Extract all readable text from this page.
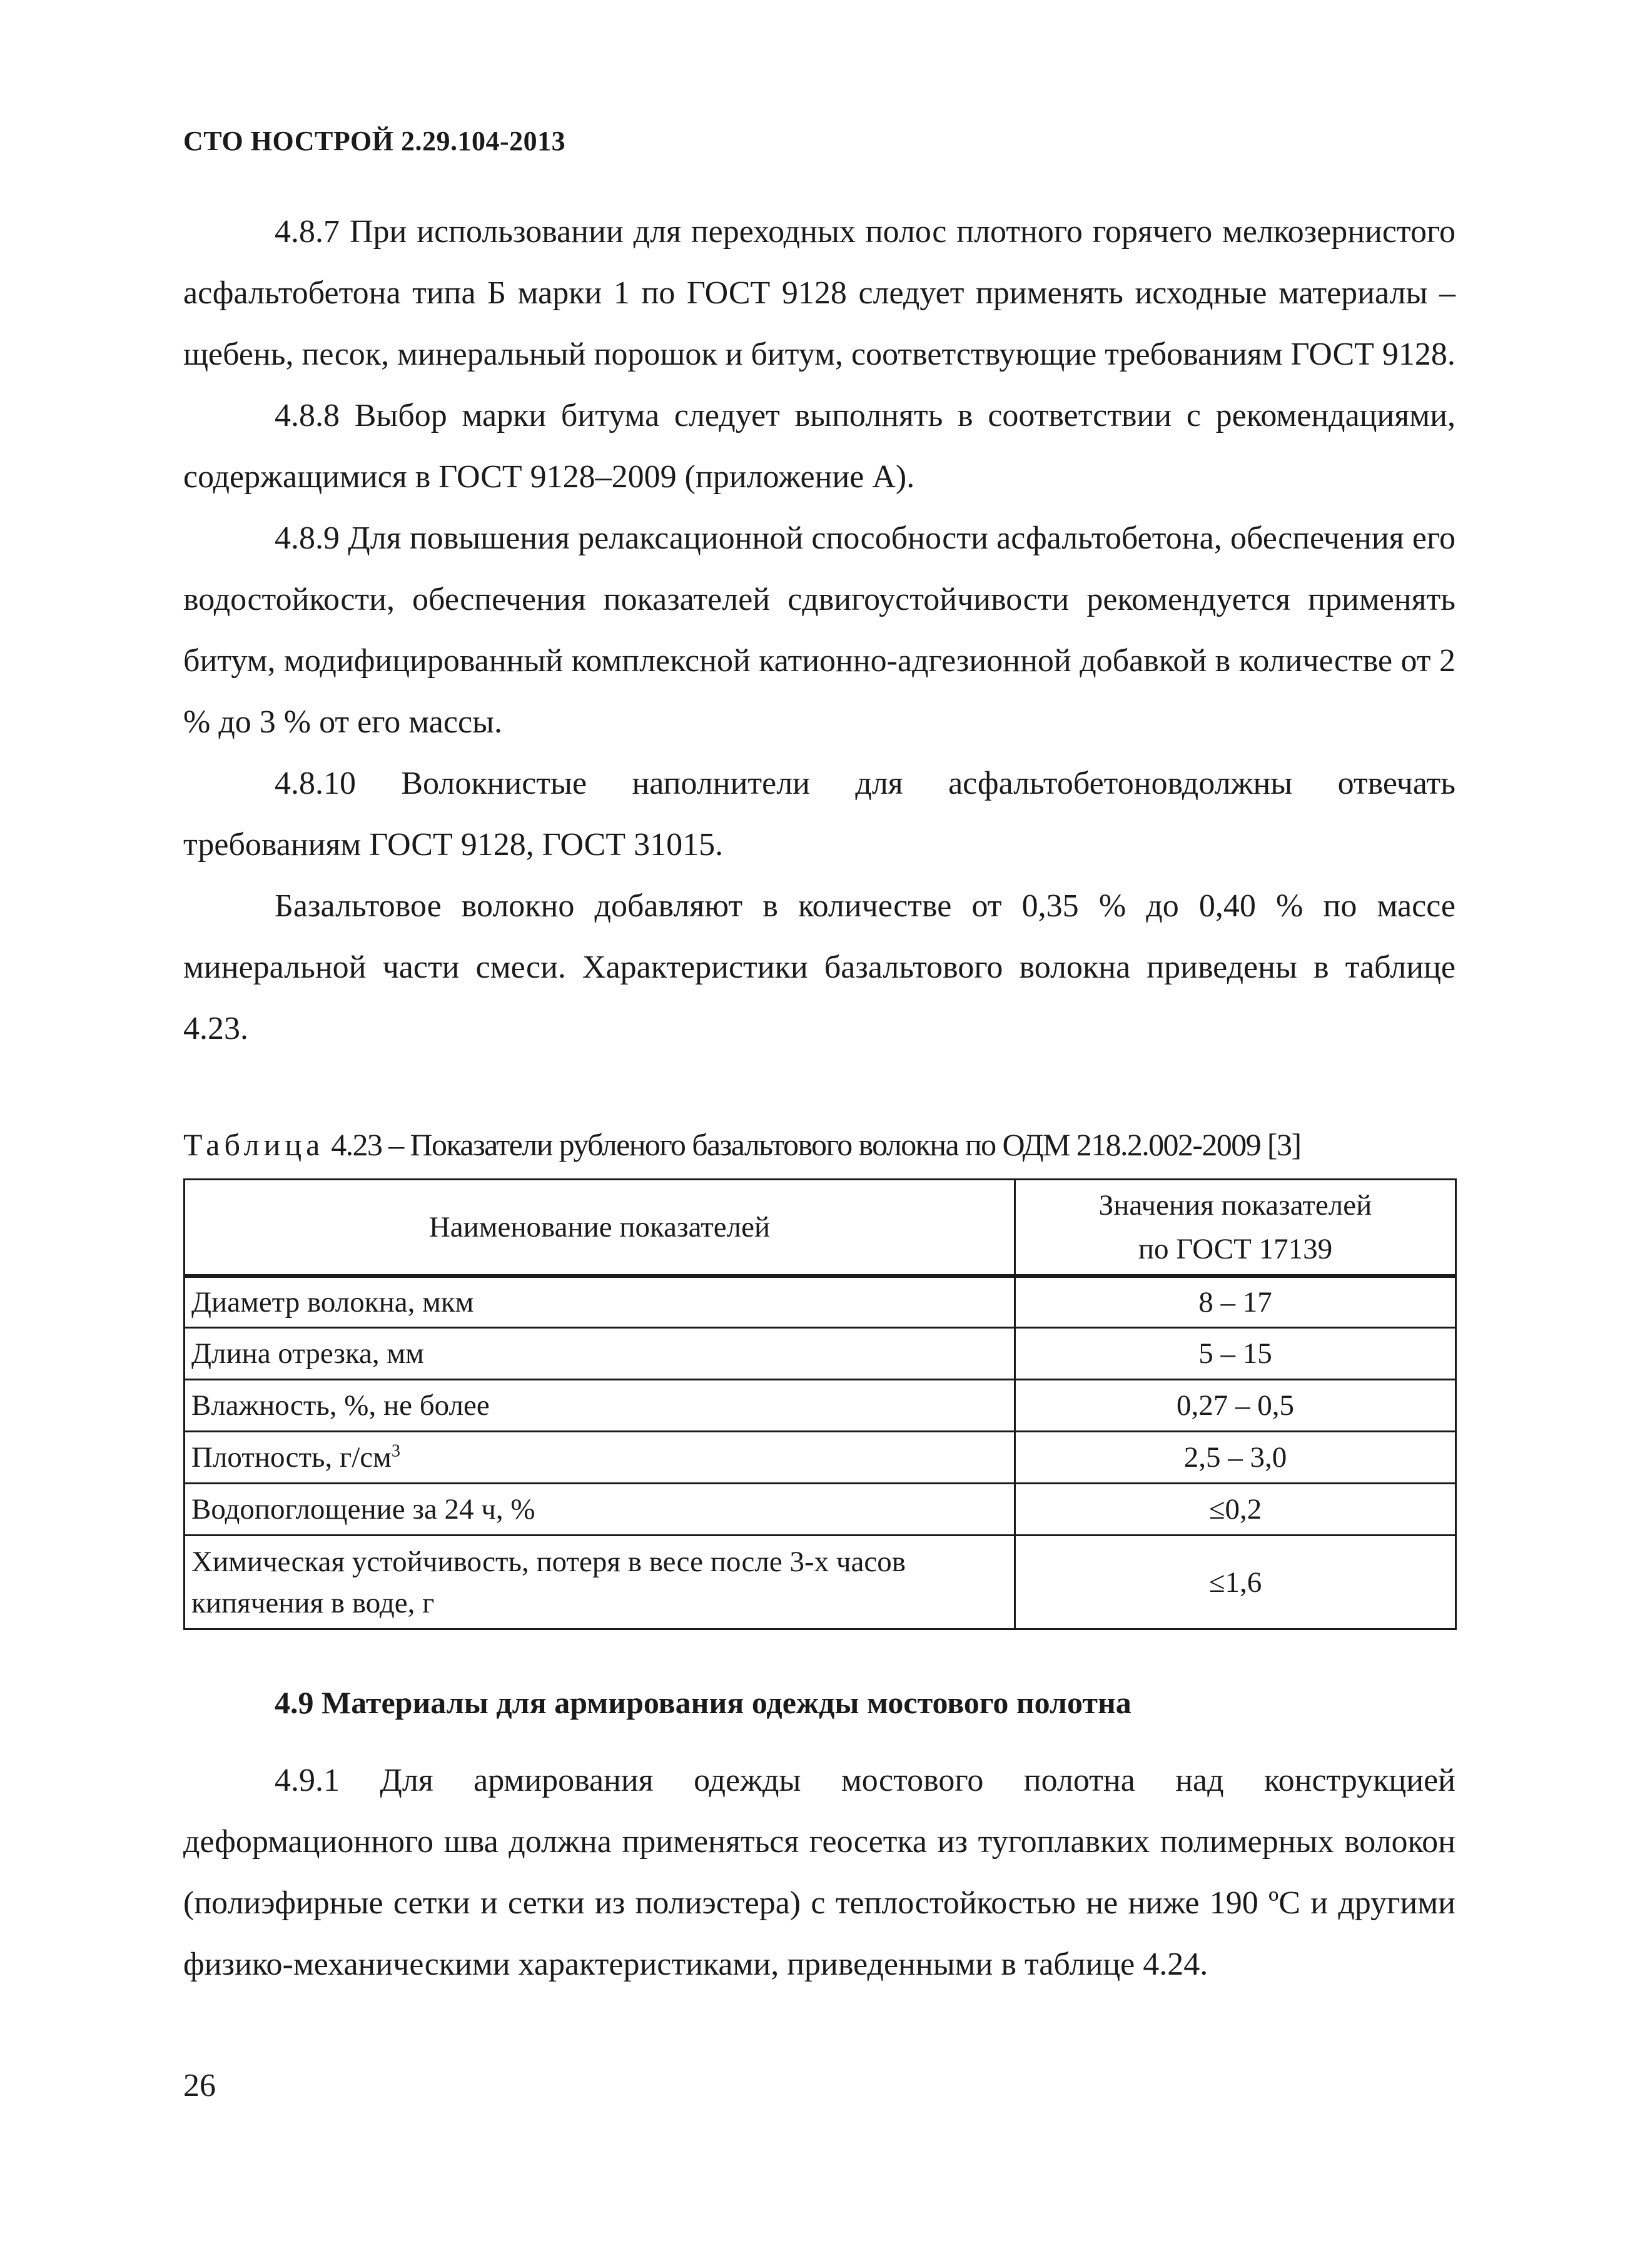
СТО НОСТРОЙ 2.29.104-2013

4.8.7 При использовании для переходных полос плотного горячего мелкозернистого асфальтобетона типа Б марки 1 по ГОСТ 9128 следует применять исходные материалы – щебень, песок, минеральный порошок и битум, соответствующие требованиям ГОСТ 9128.

4.8.8 Выбор марки битума следует выполнять в соответствии с рекомендациями, содержащимися в ГОСТ 9128–2009 (приложение А).

4.8.9 Для повышения релаксационной способности асфальтобетона, обеспечения его водостойкости, обеспечения показателей сдвигоустойчивости рекомендуется применять битум, модифицированный комплексной катионно-адгезионной добавкой в количестве от 2 % до 3 % от его массы.

4.8.10 Волокнистые наполнители для асфальтобетоновдолжны отвечать требованиям ГОСТ 9128, ГОСТ 31015.

Базальтовое волокно добавляют в количестве от 0,35 % до 0,40 % по массе минеральной части смеси. Характеристики базальтового волокна приведены в таблице 4.23.

Таблица 4.23 – Показатели рубленого базальтового волокна по ОДМ 218.2.002-2009 [3]
Наименование показателей	Значения показателей
по ГОСТ 17139
Диаметр волокна, мкм	8 – 17
Длина отрезка, мм	5 – 15
Влажность, %, не более	0,27 – 0,5
Плотность, $г/см^3$	2,5 – 3,0
Водопоглощение за 24 ч, %	≤0,2
Химическая устойчивость, потеря в весе после 3-х часов кипячения в воде, г	≤1,6
4.9 Материалы для армирования одежды мостового полотна

4.9.1 Для армирования одежды мостового полотна над конструкцией деформационного шва должна применяться геосетка из тугоплавких полимерных волокон (полиэфирные сетки и сетки из полиэстера) с теплостойкостью не ниже 190 ºС и другими физико-механическими характеристиками, приведенными в таблице 4.24.

26
